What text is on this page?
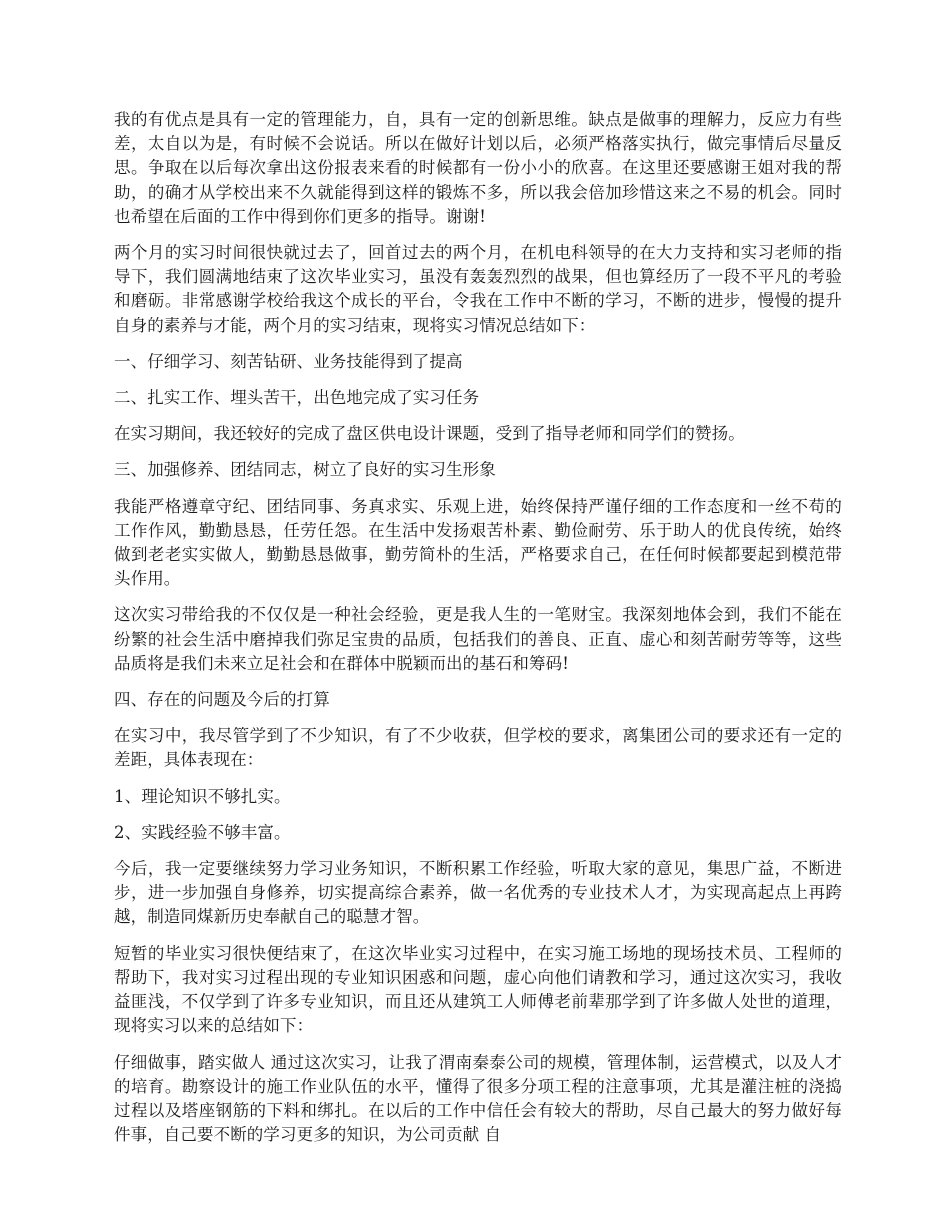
我的有优点是具有一定的管理能力，自，具有一定的创新思维。缺点是做事的理解力，反应力有些差，太自以为是，有时候不会说话。所以在做好计划以后，必须严格落实执行，做完事情后尽量反思。争取在以后每次拿出这份报表来看的时候都有一份小小的欣喜。在这里还要感谢王姐对我的帮助，的确才从学校出来不久就能得到这样的锻炼不多，所以我会倍加珍惜这来之不易的机会。同时也希望在后面的工作中得到你们更多的指导。谢谢!

两个月的实习时间很快就过去了，回首过去的两个月，在机电科领导的在大力支持和实习老师的指导下，我们圆满地结束了这次毕业实习，虽没有轰轰烈烈的战果，但也算经历了一段不平凡的考验和磨砺。非常感谢学校给我这个成长的平台，令我在工作中不断的学习，不断的进步，慢慢的提升自身的素养与才能，两个月的实习结束，现将实习情况总结如下：

一、仔细学习、刻苦钻研、业务技能得到了提高

二、扎实工作、埋头苦干，出色地完成了实习任务

在实习期间，我还较好的完成了盘区供电设计课题，受到了指导老师和同学们的赞扬。

三、加强修养、团结同志，树立了良好的实习生形象

我能严格遵章守纪、团结同事、务真求实、乐观上进，始终保持严谨仔细的工作态度和一丝不苟的工作作风，勤勤恳恳，任劳任怨。在生活中发扬艰苦朴素、勤俭耐劳、乐于助人的优良传统，始终做到老老实实做人，勤勤恳恳做事，勤劳简朴的生活，严格要求自己，在任何时候都要起到模范带头作用。

这次实习带给我的不仅仅是一种社会经验，更是我人生的一笔财宝。我深刻地体会到，我们不能在纷繁的社会生活中磨掉我们弥足宝贵的品质，包括我们的善良、正直、虚心和刻苦耐劳等等，这些品质将是我们未来立足社会和在群体中脱颖而出的基石和筹码!

四、存在的问题及今后的打算

在实习中，我尽管学到了不少知识，有了不少收获，但学校的要求，离集团公司的要求还有一定的差距，具体表现在：

1、理论知识不够扎实。

2、实践经验不够丰富。

今后，我一定要继续努力学习业务知识，不断积累工作经验，听取大家的意见，集思广益，不断进步，进一步加强自身修养，切实提高综合素养，做一名优秀的专业技术人才，为实现高起点上再跨越，制造同煤新历史奉献自己的聪慧才智。

短暂的毕业实习很快便结束了，在这次毕业实习过程中，在实习施工场地的现场技术员、工程师的帮助下，我对实习过程出现的专业知识困惑和问题，虚心向他们请教和学习，通过这次实习，我收益匪浅，不仅学到了许多专业知识，而且还从建筑工人师傅老前辈那学到了许多做人处世的道理，现将实习以来的总结如下：

仔细做事，踏实做人 通过这次实习，让我了渭南秦泰公司的规模，管理体制，运营模式，以及人才的培育。勘察设计的施工作业队伍的水平，懂得了很多分项工程的注意事项，尤其是灌注桩的浇捣过程以及塔座钢筋的下料和绑扎。在以后的工作中信任会有较大的帮助，尽自己最大的努力做好每件事，自己要不断的学习更多的知识，为公司贡献 自
